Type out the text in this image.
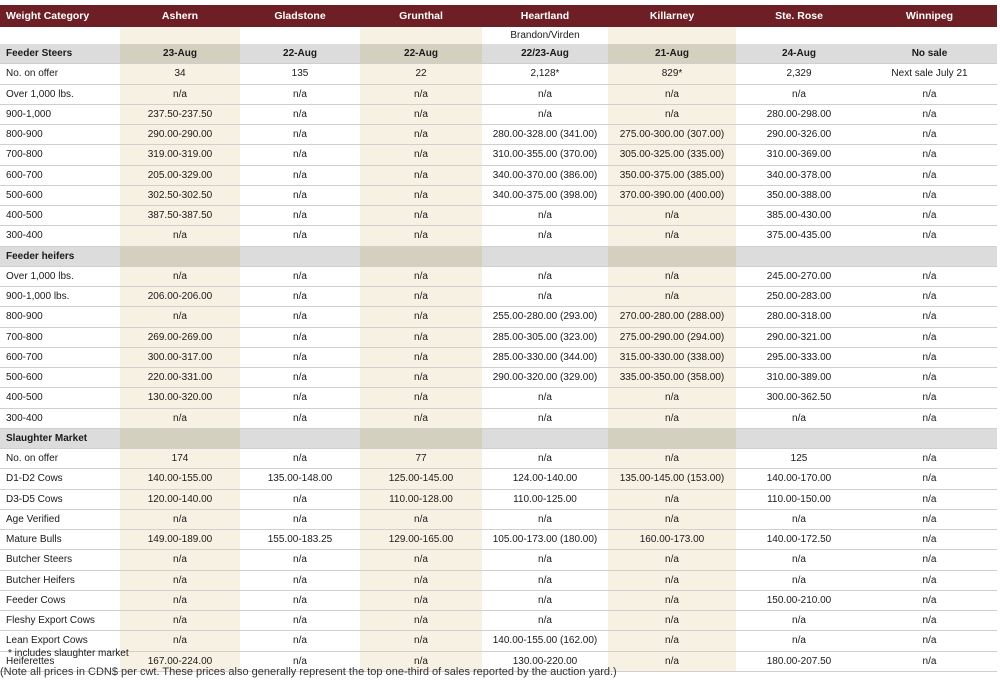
Weight Category	Ashern	Gladstone	Grunthal	Heartland	Killarney	Ste. Rose	Winnipeg
				Brandon/Virden			
Feeder Steers	23-Aug	22-Aug	22-Aug	22/23-Aug	21-Aug	24-Aug	No sale
No. on offer	34	135	22	2,128*	829*	2,329	Next sale July 21
Over 1,000 lbs.	n/a	n/a	n/a	n/a	n/a	n/a	n/a
900-1,000	237.50-237.50	n/a	n/a	n/a	n/a	280.00-298.00	n/a
800-900	290.00-290.00	n/a	n/a	280.00-328.00 (341.00)	275.00-300.00 (307.00)	290.00-326.00	n/a
700-800	319.00-319.00	n/a	n/a	310.00-355.00 (370.00)	305.00-325.00 (335.00)	310.00-369.00	n/a
600-700	205.00-329.00	n/a	n/a	340.00-370.00 (386.00)	350.00-375.00 (385.00)	340.00-378.00	n/a
500-600	302.50-302.50	n/a	n/a	340.00-375.00 (398.00)	370.00-390.00 (400.00)	350.00-388.00	n/a
400-500	387.50-387.50	n/a	n/a	n/a	n/a	385.00-430.00	n/a
300-400	n/a	n/a	n/a	n/a	n/a	375.00-435.00	n/a
Feeder heifers							
Over 1,000 lbs.	n/a	n/a	n/a	n/a	n/a	245.00-270.00	n/a
900-1,000 lbs.	206.00-206.00	n/a	n/a	n/a	n/a	250.00-283.00	n/a
800-900	n/a	n/a	n/a	255.00-280.00 (293.00)	270.00-280.00 (288.00)	280.00-318.00	n/a
700-800	269.00-269.00	n/a	n/a	285.00-305.00 (323.00)	275.00-290.00 (294.00)	290.00-321.00	n/a
600-700	300.00-317.00	n/a	n/a	285.00-330.00 (344.00)	315.00-330.00 (338.00)	295.00-333.00	n/a
500-600	220.00-331.00	n/a	n/a	290.00-320.00 (329.00)	335.00-350.00 (358.00)	310.00-389.00	n/a
400-500	130.00-320.00	n/a	n/a	n/a	n/a	300.00-362.50	n/a
300-400	n/a	n/a	n/a	n/a	n/a	n/a	n/a
Slaughter Market							
No. on offer	174	n/a	77	n/a	n/a	125	n/a
D1-D2 Cows	140.00-155.00	135.00-148.00	125.00-145.00	124.00-140.00	135.00-145.00 (153.00)	140.00-170.00	n/a
D3-D5 Cows	120.00-140.00	n/a	110.00-128.00	110.00-125.00	n/a	110.00-150.00	n/a
Age Verified	n/a	n/a	n/a	n/a	n/a	n/a	n/a
Mature Bulls	149.00-189.00	155.00-183.25	129.00-165.00	105.00-173.00 (180.00)	160.00-173.00	140.00-172.50	n/a
Butcher Steers	n/a	n/a	n/a	n/a	n/a	n/a	n/a
Butcher Heifers	n/a	n/a	n/a	n/a	n/a	n/a	n/a
Feeder Cows	n/a	n/a	n/a	n/a	n/a	150.00-210.00	n/a
Fleshy Export Cows	n/a	n/a	n/a	n/a	n/a	n/a	n/a
Lean Export Cows	n/a	n/a	n/a	140.00-155.00 (162.00)	n/a	n/a	n/a
Heiferettes	167.00-224.00	n/a	n/a	130.00-220.00	n/a	180.00-207.50	n/a
* includes slaughter market
(Note all prices in CDN$ per cwt. These prices also generally represent the top one-third of sales reported by the auction yard.)
